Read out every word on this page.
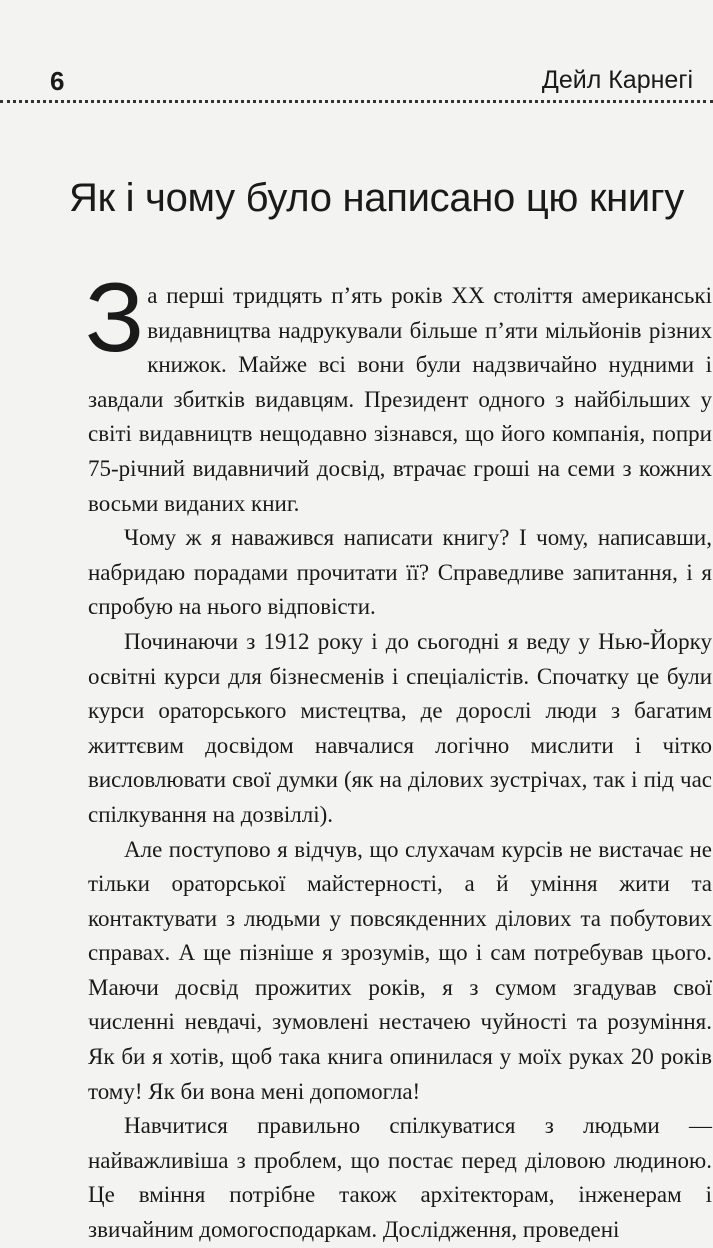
6	Дейл Карнегі
Як і чому було написано цю книгу

За перші тридцять п’ять років XX століття американські видавництва надрукували більше п’яти мільйонів різних книжок. Майже всі вони були надзвичайно нудними і завдали збитків видавцям. Президент одного з найбільших у світі видавництв нещодавно зізнався, що його компанія, попри 75-річний видавничий досвід, втрачає гроші на семи з кожних восьми виданих книг.

Чому ж я наважився написати книгу? І чому, написавши, набридаю порадами прочитати її? Справедливе запитання, і я спробую на нього відповісти.

Починаючи з 1912 року і до сьогодні я веду у Нью-Йорку освітні курси для бізнесменів і спеціалістів. Спочатку це були курси ораторського мистецтва, де дорослі люди з багатим життєвим досвідом навчалися логічно мислити і чітко висловлювати свої думки (як на ділових зустрічах, так і під час спілкування на дозвіллі).

Але поступово я відчув, що слухачам курсів не вистачає не тільки ораторської майстерності, а й уміння жити та контактувати з людьми у повсякденних ділових та побутових справах. А ще пізніше я зрозумів, що і сам потребував цього. Маючи досвід прожитих років, я з сумом згадував свої численні невдачі, зумовлені нестачею чуйності та розуміння. Як би я хотів, щоб така книга опинилася у моїх руках 20 років тому! Як би вона мені допомогла!

Навчитися правильно спілкуватися з людьми — найважливіша з проблем, що постає перед діловою людиною. Це вміння потрібне також архітекторам, інженерам і звичайним домогосподаркам. Дослідження, проведені
